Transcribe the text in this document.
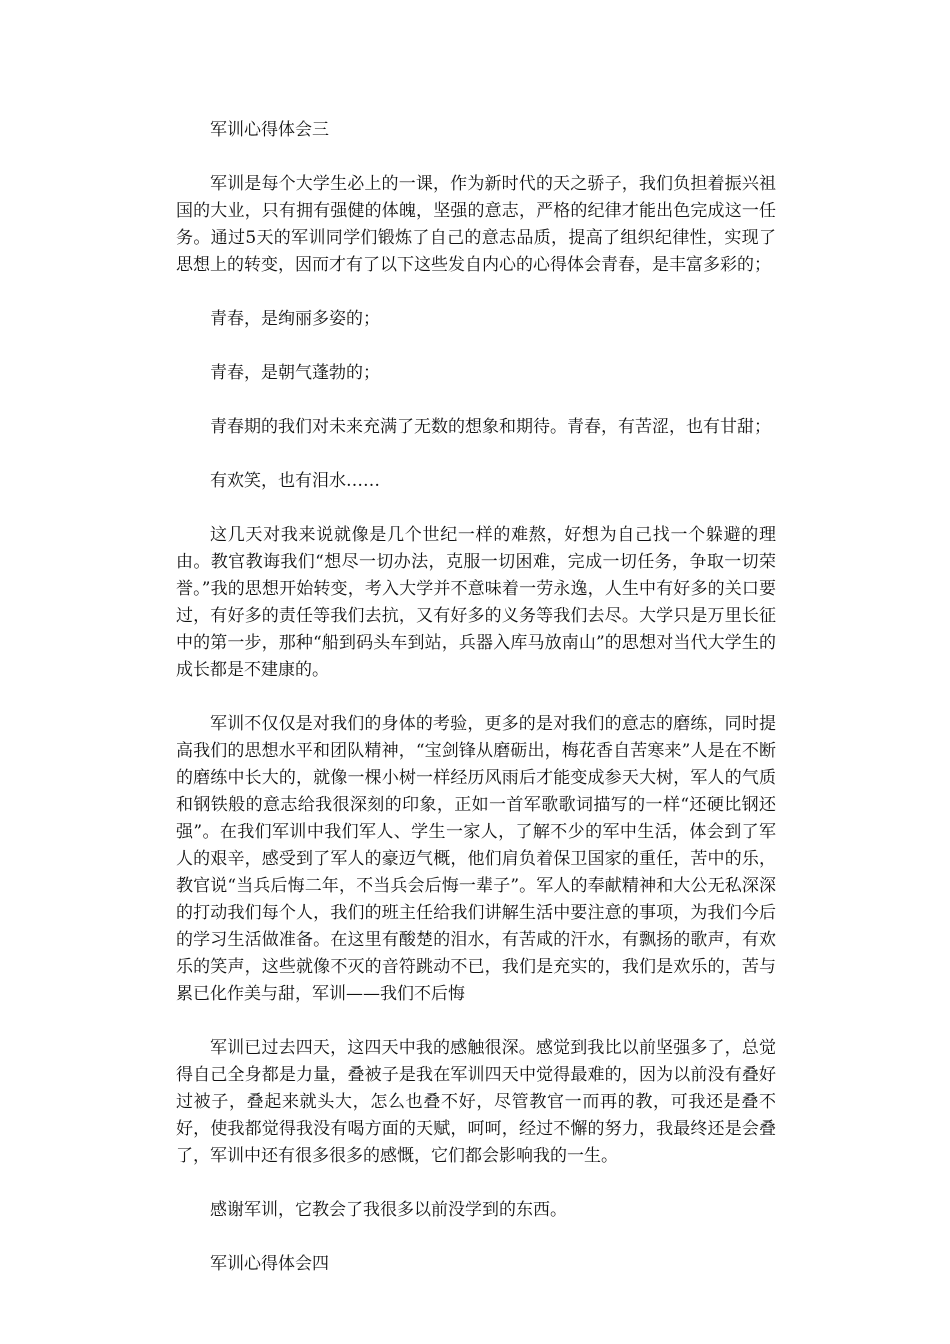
军训心得体会三

军训是每个大学生必上的一课，作为新时代的天之骄子，我们负担着振兴祖国的大业，只有拥有强健的体魄，坚强的意志，严格的纪律才能出色完成这一任务。通过5天的军训同学们锻炼了自己的意志品质，提高了组织纪律性，实现了思想上的转变，因而才有了以下这些发自内心的心得体会青春，是丰富多彩的；

青春，是绚丽多姿的；

青春，是朝气蓬勃的；

青春期的我们对未来充满了无数的想象和期待。青春，有苦涩，也有甘甜；

有欢笑，也有泪水……

这几天对我来说就像是几个世纪一样的难熬，好想为自己找一个躲避的理由。教官教诲我们“想尽一切办法，克服一切困难，完成一切任务，争取一切荣誉。”我的思想开始转变，考入大学并不意味着一劳永逸，人生中有好多的关口要过，有好多的责任等我们去抗，又有好多的义务等我们去尽。大学只是万里长征中的第一步，那种“船到码头车到站，兵器入库马放南山”的思想对当代大学生的成长都是不建康的。

军训不仅仅是对我们的身体的考验，更多的是对我们的意志的磨练，同时提高我们的思想水平和团队精神，“宝剑锋从磨砺出，梅花香自苦寒来”人是在不断的磨练中长大的，就像一棵小树一样经历风雨后才能变成参天大树，军人的气质和钢铁般的意志给我很深刻的印象，正如一首军歌歌词描写的一样“还硬比钢还强”。在我们军训中我们军人、学生一家人，了解不少的军中生活，体会到了军人的艰辛，感受到了军人的豪迈气概，他们肩负着保卫国家的重任，苦中的乐，教官说“当兵后悔二年，不当兵会后悔一辈子”。军人的奉献精神和大公无私深深的打动我们每个人，我们的班主任给我们讲解生活中要注意的事项，为我们今后的学习生活做准备。在这里有酸楚的泪水，有苦咸的汗水，有飘扬的歌声，有欢乐的笑声，这些就像不灭的音符跳动不已，我们是充实的，我们是欢乐的，苦与累已化作美与甜，军训——我们不后悔

军训已过去四天，这四天中我的感触很深。感觉到我比以前坚强多了，总觉得自己全身都是力量，叠被子是我在军训四天中觉得最难的，因为以前没有叠好过被子，叠起来就头大，怎么也叠不好，尽管教官一而再的教，可我还是叠不好，使我都觉得我没有喝方面的天赋，呵呵，经过不懈的努力，我最终还是会叠了，军训中还有很多很多的感慨，它们都会影响我的一生。

感谢军训，它教会了我很多以前没学到的东西。

军训心得体会四
